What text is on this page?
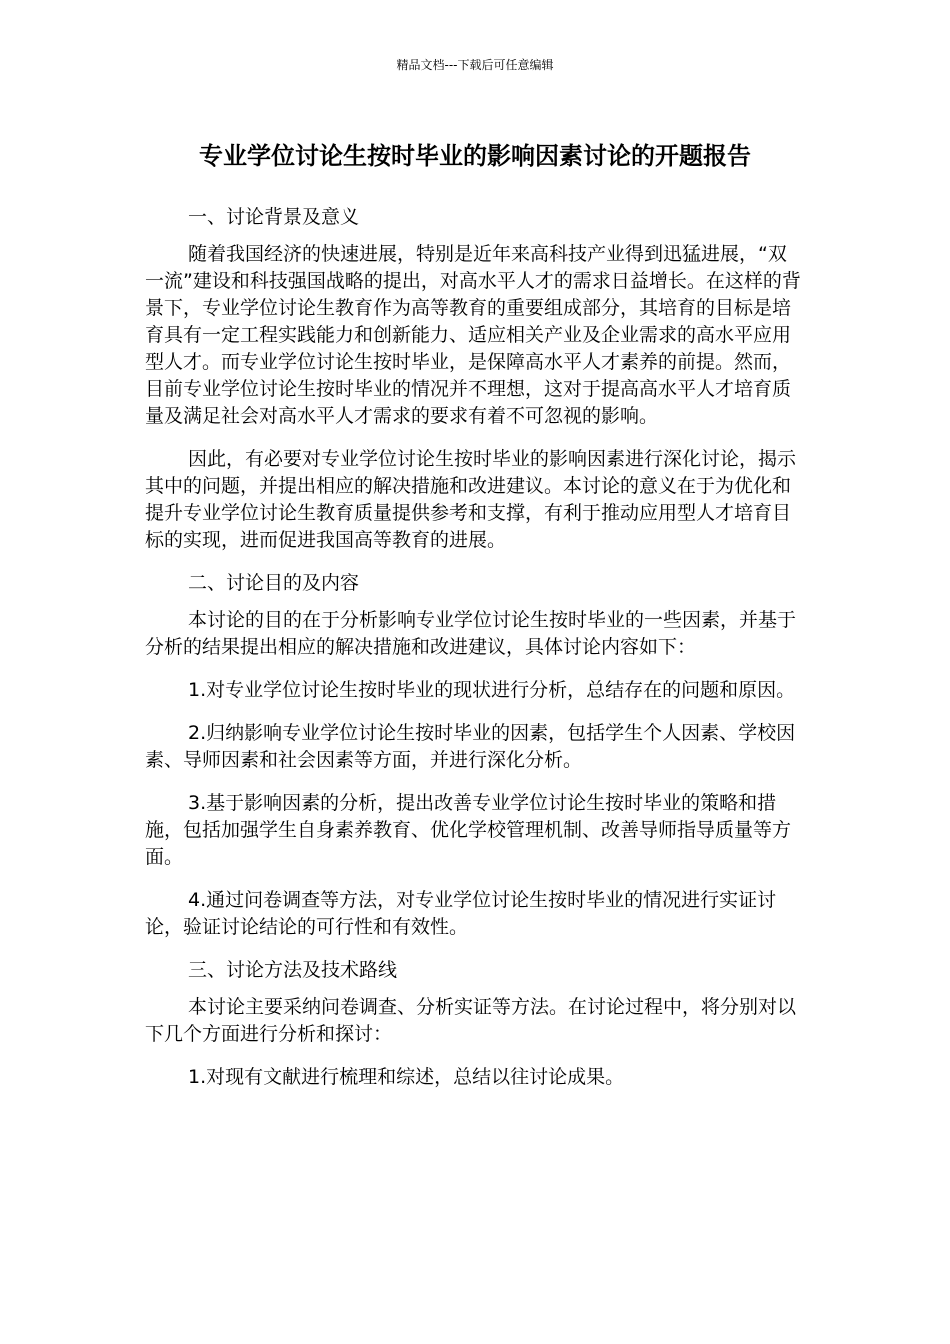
精品文档---下载后可任意编辑
专业学位讨论生按时毕业的影响因素讨论的开题报告

一、讨论背景及意义

随着我国经济的快速进展，特别是近年来高科技产业得到迅猛进展，“双一流”建设和科技强国战略的提出，对高水平人才的需求日益增长。在这样的背景下，专业学位讨论生教育作为高等教育的重要组成部分，其培育的目标是培育具有一定工程实践能力和创新能力、适应相关产业及企业需求的高水平应用型人才。而专业学位讨论生按时毕业，是保障高水平人才素养的前提。然而，目前专业学位讨论生按时毕业的情况并不理想，这对于提高高水平人才培育质量及满足社会对高水平人才需求的要求有着不可忽视的影响。

因此，有必要对专业学位讨论生按时毕业的影响因素进行深化讨论，揭示其中的问题，并提出相应的解决措施和改进建议。本讨论的意义在于为优化和提升专业学位讨论生教育质量提供参考和支撑，有利于推动应用型人才培育目标的实现，进而促进我国高等教育的进展。

二、讨论目的及内容

本讨论的目的在于分析影响专业学位讨论生按时毕业的一些因素，并基于分析的结果提出相应的解决措施和改进建议，具体讨论内容如下：

1.对专业学位讨论生按时毕业的现状进行分析，总结存在的问题和原因。

2.归纳影响专业学位讨论生按时毕业的因素，包括学生个人因素、学校因素、导师因素和社会因素等方面，并进行深化分析。

3.基于影响因素的分析，提出改善专业学位讨论生按时毕业的策略和措施，包括加强学生自身素养教育、优化学校管理机制、改善导师指导质量等方面。

4.通过问卷调查等方法，对专业学位讨论生按时毕业的情况进行实证讨论，验证讨论结论的可行性和有效性。

三、讨论方法及技术路线

本讨论主要采纳问卷调查、分析实证等方法。在讨论过程中，将分别对以下几个方面进行分析和探讨：

1.对现有文献进行梳理和综述，总结以往讨论成果。
